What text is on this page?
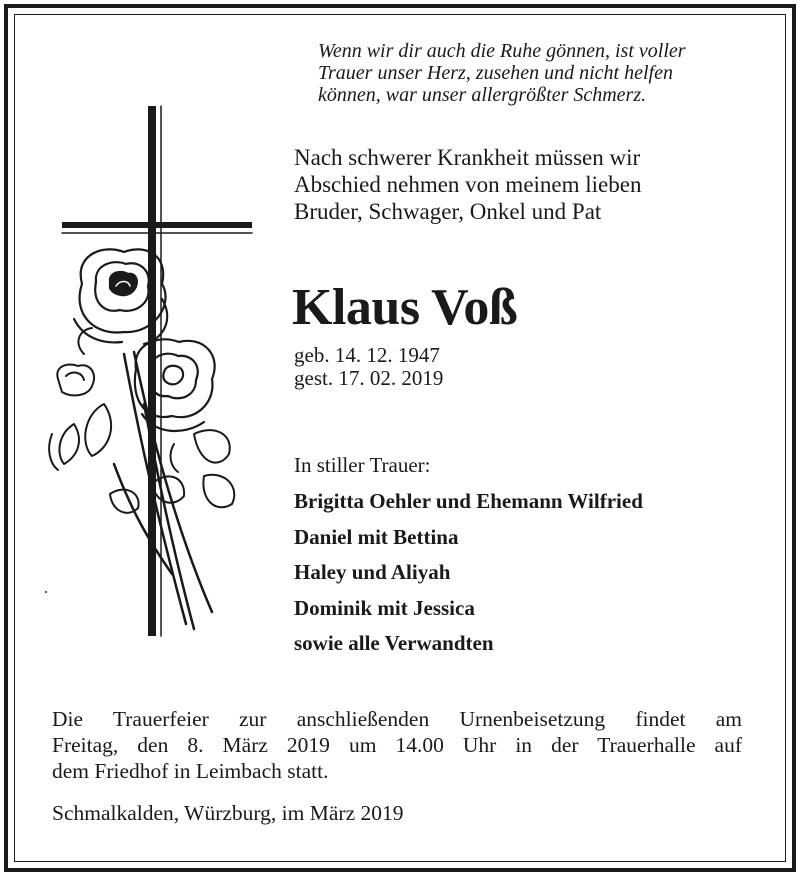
Wenn wir dir auch die Ruhe gönnen, ist voller
Trauer unser Herz, zusehen und nicht helfen
können, war unser allergrößter Schmerz.
Nach schwerer Krankheit müssen wir
Abschied nehmen von meinem lieben
Bruder, Schwager, Onkel und Pat
Klaus Voß
geb. 14. 12. 1947
gest. 17. 02. 2019
In stiller Trauer:
Brigitta Oehler und Ehemann Wilfried
Daniel mit Bettina
Haley und Aliyah
Dominik mit Jessica
sowie alle Verwandten
Die Trauerfeier zur anschließenden Urnenbeisetzung findet am
Freitag, den 8. März 2019 um 14.00 Uhr in der Trauerhalle auf
dem Friedhof in Leimbach statt.
Schmalkalden, Würzburg, im März 2019
